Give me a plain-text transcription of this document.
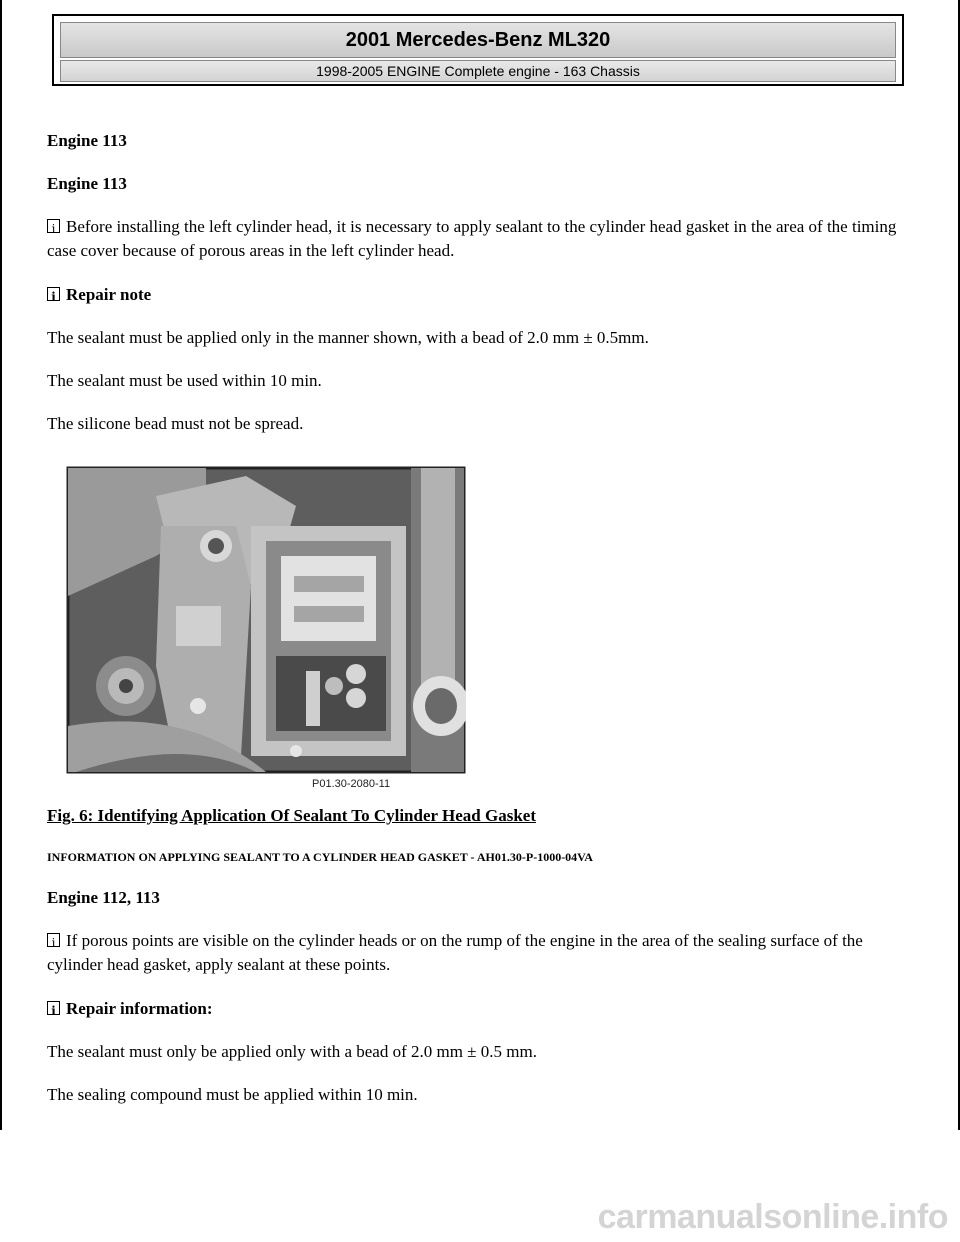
2001 Mercedes-Benz ML320
1998-2005 ENGINE Complete engine - 163 Chassis

Engine 113

Engine 113

iBefore installing the left cylinder head, it is necessary to apply sealant to the cylinder head gasket in the area of the timing case cover because of porous areas in the left cylinder head.

iRepair note

The sealant must be applied only in the manner shown, with a bead of 2.0 mm ± 0.5mm.

The sealant must be used within 10 min.

The silicone bead must not be spread.

P01.30-2080-11
Fig. 6: Identifying Application Of Sealant To Cylinder Head Gasket
INFORMATION ON APPLYING SEALANT TO A CYLINDER HEAD GASKET - AH01.30-P-1000-04VA

Engine 112, 113

iIf porous points are visible on the cylinder heads or on the rump of the engine in the area of the sealing surface of the cylinder head gasket, apply sealant at these points.

iRepair information:

The sealant must only be applied only with a bead of 2.0 mm ± 0.5 mm.

The sealing compound must be applied within 10 min.

carmanualsonline.info
